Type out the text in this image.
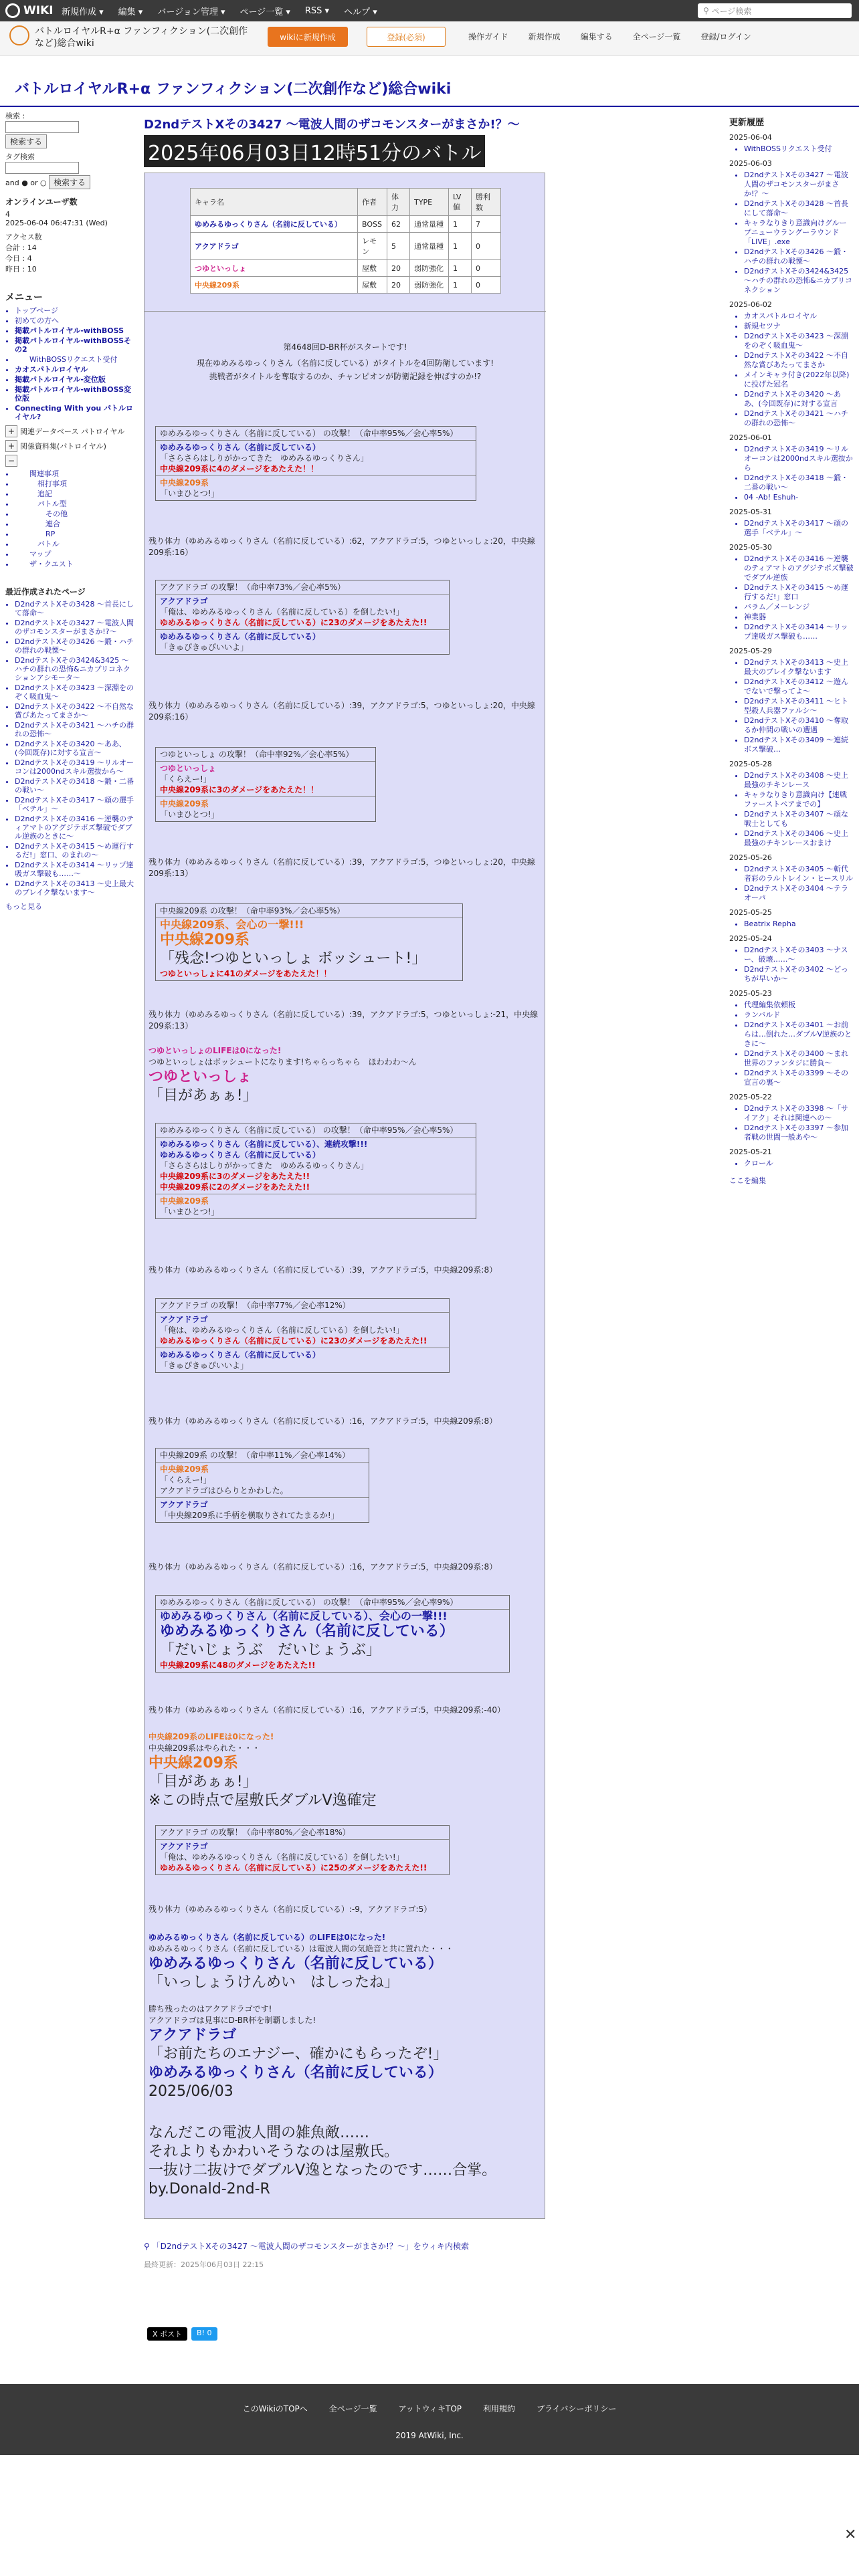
WIKI 新規作成 ▾ 編集 ▾ バージョン管理 ▾ ページ一覧 ▾ RSS ▾ ヘルプ ▾	⚲ ページ検索
バトルロイヤルR+α ファンフィクション(二次創作など)総合wiki
wikiに新規作成	登録(必須)	操作ガイド	新規作成	編集する	全ページ一覧	登録/ログイン
バトルロイヤルR+α ファンフィクション(二次創作など)総合wiki
検索 :

検索する
タグ検索

and ● or ○ 検索する
オンラインユーザ数
4
2025-06-04 06:47:31 (Wed)
アクセス数
合計 : 14
今日 : 4
昨日 : 10
メニュー
• トップページ
• 初めての方へ
• 掲載パトルロイヤル-withBOSS
• 掲載パトルロイヤル-withBOSSその2
• WithBOSSリクエスト受付
• カオスパトルロイヤル
• 掲載パトルロイヤル-変位版
• 掲載パトルロイヤル-withBOSS変位版
• Connecting With you パトルロイヤル?
+ 関連データベース パトロイヤル
+ 関係資料集(パトロイヤル)
−
• 関連事項
• 相打事項
• 追記
• パトル型
• その他
• 連合
• RP
• バトル
• マップ
• ザ・クエスト
最近作成されたページ
• D2ndテストXその3428 〜首長にして落命〜
• D2ndテストXその3427 〜電波人間のザコモンスターがまさか!?〜
• D2ndテストXその3426 〜鍛・ハチの群れの戦慄〜
• D2ndテストXその3424&3425 〜ハチの群れの恐怖&ニカブリコネクションアシモータ〜
• D2ndテストXその3423 〜深淵をのぞく吸血鬼〜
• D2ndテストXその3422 〜不自然な賞びあたってまさか〜
• D2ndテストXその3421 〜ハチの群れの恐怖〜
• D2ndテストXその3420 〜ああ、(今回既存)に対する宣言〜
• D2ndテストXその3419 〜リルオーコンは2000ndスキル選抜から〜
• D2ndテストXその3418 〜鍛・二番の戦い〜
• D2ndテストXその3417 〜頑の選手「ベテル」〜
• D2ndテストXその3416 〜逆襲のティアマトのアグジテポズ撃破でダブル逆族のときに〜
• D2ndテストXその3415 〜め運行するだ!」窓口、のまれの〜
• D2ndテストXその3414 〜リップ達吸ガス撃破も……〜
• D2ndテストXその3413 〜史上最大のブレイク撃ないます〜
もっと見る
D2ndテストXその3427 〜電波人間のザコモンスターがまさか!？〜
2025年06月03日12時51分のバトル
キャラ名	作者	体力	TYPE	LV値	勝利数
ゆめみるゆっくりさん（名前に反している）	BOSS	62	通常量種	1	7
アクアドラゴ	レモン	5	通常量種	1	0
つゆといっしょ	屋敷	20	弱防強化	1	0
中央線209系	屋敷	20	弱防強化	1	0
第4648回D-BR杯がスタートです!
現在ゆめみるゆっくりさん（名前に反している）がタイトルを4回防衛しています!
挑戦者がタイトルを奪取するのか、チャンピオンが防衛記録を伸ばすのか!?
ゆめみるゆっくりさん（名前に反している） の攻撃！（命中率95%／会心率5%）
ゆめみるゆっくりさん（名前に反している）
「さらさらはしりがかってきた　ゆめみるゆっくりさん」
中央線209系に4のダメージをあたえた！！
中央線209系
「いまひとつ!」
残り体力（ゆめみるゆっくりさん（名前に反している）:62，アクアドラゴ:5，つゆといっしょ:20，中央線209系:16）
アクアドラゴ の攻撃！（命中率73%／会心率5%）
アクアドラゴ
「俺は、ゆめみるゆっくりさん（名前に反している）を倒したい!」
ゆめみるゆっくりさん（名前に反している）に23のダメージをあたえた!!
ゆめみるゆっくりさん（名前に反している）
「きゅぴきゅぴいいよ」
残り体力（ゆめみるゆっくりさん（名前に反している）:39，アクアドラゴ:5，つゆといっしょ:20，中央線209系:16）
つゆといっしょ の攻撃！（命中率92%／会心率5%）
つゆといっしょ
「くらえー!」
中央線209系に3のダメージをあたえた！！
中央線209系
「いまひとつ!」
残り体力（ゆめみるゆっくりさん（名前に反している）:39，アクアドラゴ:5，つゆといっしょ:20，中央線209系:13）
中央線209系 の攻撃！（命中率93%／会心率5%）
中央線209系、会心の一撃!!!
中央線209系
「残念!つゆといっしょ ボッシュート!」
つゆといっしょに41のダメージをあたえた！！
残り体力（ゆめみるゆっくりさん（名前に反している）:39，アクアドラゴ:5，つゆといっしょ:-21，中央線209系:13）
つゆといっしょのLIFEは0になった!
つゆといっしょはボッシュートになります!ちゃらっちゃら　ほわわわ〜ん
つゆといっしょ
「目があぁぁ!」
ゆめみるゆっくりさん（名前に反している） の攻撃！（命中率95%／会心率5%）
ゆめみるゆっくりさん（名前に反している）、連続攻撃!!!
ゆめみるゆっくりさん（名前に反している）
「さらさらはしりがかってきた　ゆめみるゆっくりさん」
中央線209系に3のダメージをあたえた!!
中央線209系に2のダメージをあたえた!!
中央線209系
「いまひとつ!」
残り体力（ゆめみるゆっくりさん（名前に反している）:39，アクアドラゴ:5，中央線209系:8）
アクアドラゴ の攻撃！（命中率77%／会心率12%）
アクアドラゴ
「俺は、ゆめみるゆっくりさん（名前に反している）を倒したい!」
ゆめみるゆっくりさん（名前に反している）に23のダメージをあたえた!!
ゆめみるゆっくりさん（名前に反している）
「きゅぴきゅぴいいよ」
残り体力（ゆめみるゆっくりさん（名前に反している）:16，アクアドラゴ:5，中央線209系:8）
中央線209系 の攻撃！（命中率11%／会心率14%）
中央線209系
「くらえー!」
アクアドラゴはひらりとかわした。
アクアドラゴ
「中央線209系に手柄を横取りされてたまるか!」
残り体力（ゆめみるゆっくりさん（名前に反している）:16，アクアドラゴ:5，中央線209系:8）
ゆめみるゆっくりさん（名前に反している） の攻撃！（命中率95%／会心率9%）
ゆめみるゆっくりさん（名前に反している）、会心の一撃!!!
ゆめみるゆっくりさん（名前に反している）
「だいじょうぶ　だいじょうぶ」
中央線209系に48のダメージをあたえた!!
残り体力（ゆめみるゆっくりさん（名前に反している）:16，アクアドラゴ:5，中央線209系:-40）
中央線209系のLIFEは0になった!
中央線209系はやられた・・・
中央線209系
「目があぁぁ!」
※この時点で屋敷氏ダブルV逸確定
アクアドラゴ の攻撃！（命中率80%／会心率18%）
アクアドラゴ
「俺は、ゆめみるゆっくりさん（名前に反している）を倒したい!」
ゆめみるゆっくりさん（名前に反している）に25のダメージをあたえた!!
残り体力（ゆめみるゆっくりさん（名前に反している）:-9，アクアドラゴ:5）
ゆめみるゆっくりさん（名前に反している）のLIFEは0になった!
ゆめみるゆっくりさん（名前に反している）は電波人間の気絶音と共に置れた・・・
ゆめみるゆっくりさん（名前に反している）
「いっしょうけんめい　はしったね」

勝ち残ったのはアクアドラゴです!
アクアドラゴは見事にD-BR杯を制覇しました!
アクアドラゴ
「お前たちのエナジー、確かにもらったぞ!」
ゆめみるゆっくりさん（名前に反している）
2025/06/03

なんだこの電波人間の雑魚敵……
それよりもかわいそうなのは屋敷氏。
一抜け二抜けでダブルV逸となったのです……合掌。
by.Donald-2nd-R
⚲ 「D2ndテストXその3427 〜電波人間のザコモンスターがまさか!？〜」をウィキ内検索
最終更新：2025年06月03日 22:15
X ポスト	B! 0
更新履歴
2025-06-04
• WithBOSSリクエスト受付
2025-06-03
• D2ndテストXその3427 〜電波人間のザコモンスターがまさか!？〜
• D2ndテストXその3428 〜首長にして落命〜
• キャラなりきり意識向けグループニューウラングーラウンド「LIVE」.exe
• D2ndテストXその3426 〜鍛・ハチの群れの戦慄〜
• D2ndテストXその3424&3425 〜ハチの群れの恐怖&ニカブリコネクション
2025-06-02
• カオスパトルロイヤル
• 新規セツナ
• D2ndテストXその3423 〜深淵をのぞく吸血鬼〜
• D2ndテストXその3422 〜不自然な賞びあたってまさか
• メインキャラ付き(2022年以降)に投げた冠名
• D2ndテストXその3420 〜ああ、(今回既存)に対する宣言
• D2ndテストXその3421 〜ハチの群れの恐怖〜
2025-06-01
• D2ndテストXその3419 〜リルオーコンは2000ndスキル選抜から
• D2ndテストXその3418 〜鍛・二番の戦い〜
• 04 -Ab! Eshuh-
2025-05-31
• D2ndテストXその3417 〜頑の選手「ベテル」〜
2025-05-30
• D2ndテストXその3416 〜逆襲のティアマトのアグジテポズ撃破でダブル逆族
• D2ndテストXその3415 〜め運行するだ!」窓口
• バラム／メーレンジ
• 神業器
• D2ndテストXその3414 〜リップ達吸ガス撃破も……
2025-05-29
• D2ndテストXその3413 〜史上最大のブレイク撃ないます
• D2ndテストXその3412 〜遊んでないで撃ってよ〜
• D2ndテストXその3411 〜ヒト型殺人兵器ファルシ〜
• D2ndテストXその3410 〜奪取るか仲間の戦いの遭遇
• D2ndテストXその3409 〜連続ボス撃破…
2025-05-28
• D2ndテストXその3408 〜史上最強のチキンレース
• キャラなりきり意識向け【連戦ファーストペアまでの】
• D2ndテストXその3407 〜頑な戦士としても
• D2ndテストXその3406 〜史上最強のチキンレースおまけ
2025-05-26
• D2ndテストXその3405 〜斬代者彩のラルトレイン・ヒースリル
• D2ndテストXその3404 〜テラオーパ
2025-05-25
• Beatrix Repha
2025-05-24
• D2ndテストXその3403 〜ナスー、破壊……〜
• D2ndテストXその3402 〜どっちが早いか〜
2025-05-23
• 代理編集依頼板
• ランバルド
• D2ndテストXその3401 〜お前らは…倒れた…ダブルV逆族のときに〜
• D2ndテストXその3400 〜まれ世界のファンタジに勝負〜
• D2ndテストXその3399 〜その宣言の裏〜
2025-05-22
• D2ndテストXその3398 〜「サイアク」それは関連ヘの〜
• D2ndテストXその3397 〜参加者戦の世間一般あや〜
2025-05-21
• クロール
ここを編集
このWikiのTOPへ	全ページ一覧	アットウィキTOP	利用規約	プライバシーポリシー
2019 AtWiki, Inc.
✕
